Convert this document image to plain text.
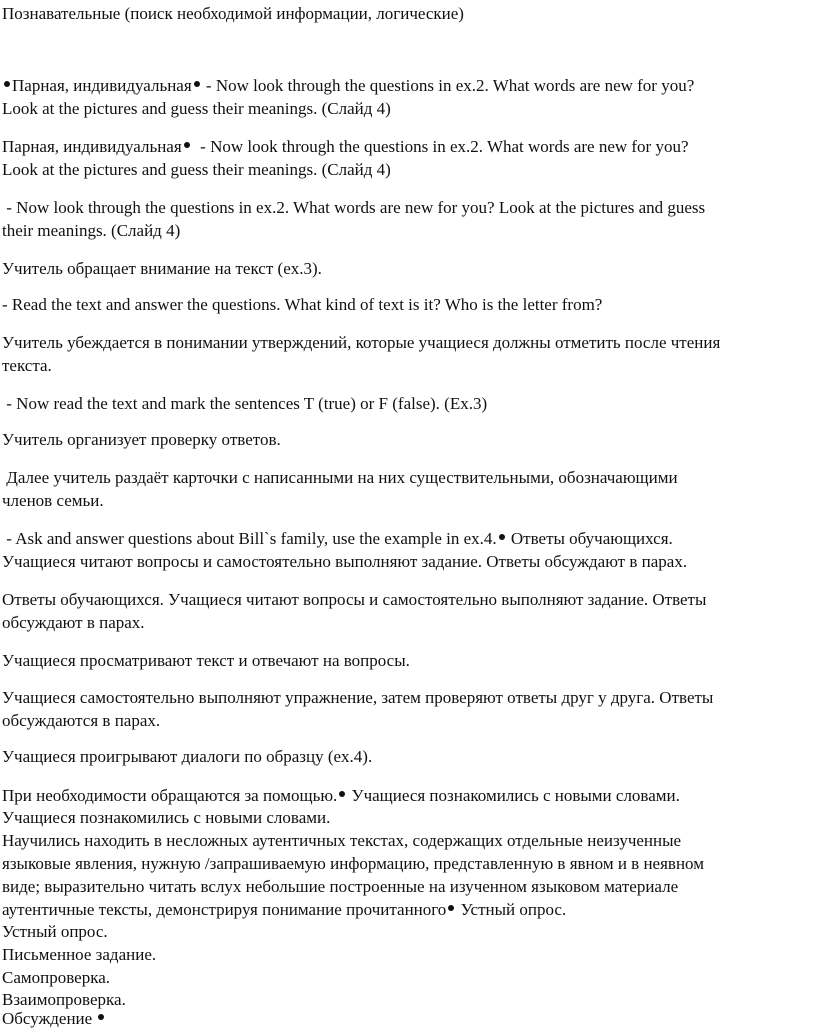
Познавательные (поиск необходимой информации, логические)
Парная, индивидуальная - Now look through the questions in ex.2. What words are new for you?
Look at the pictures and guess their meanings. (Слайд 4)
Парная, индивидуальная  - Now look through the questions in ex.2. What words are new for you?
Look at the pictures and guess their meanings. (Слайд 4)
- Now look through the questions in ex.2. What words are new for you? Look at the pictures and guess
their meanings. (Слайд 4)
Учитель обращает внимание на текст (ex.3).
- Read the text and answer the questions. What kind of text is it? Who is the letter from?
Учитель убеждается в понимании утверждений, которые учащиеся должны отметить после чтения
текста.
- Now read the text and mark the sentences T (true) or F (false). (Ex.3)
Учитель организует проверку ответов.
Далее учитель раздаёт карточки с написанными на них существительными, обозначающими
членов семьи.
- Ask and answer questions about Bill`s family, use the example in ex.4. Ответы обучающихся.
Учащиеся читают вопросы и самостоятельно выполняют задание. Ответы обсуждают в парах.
Ответы обучающихся. Учащиеся читают вопросы и самостоятельно выполняют задание. Ответы
обсуждают в парах.
Учащиеся просматривают текст и отвечают на вопросы.
Учащиеся самостоятельно выполняют упражнение, затем проверяют ответы друг у друга. Ответы
обсуждаются в парах.
Учащиеся проигрывают диалоги по образцу (ex.4).
При необходимости обращаются за помощью. Учащиеся познакомились с новыми словами.
Учащиеся познакомились с новыми словами.
Научились находить в несложных аутентичных текстах, содержащих отдельные неизученные
языковые явления, нужную /запрашиваемую информацию, представленную в явном и в неявном
виде; выразительно читать вслух небольшие построенные на изученном языковом материале
аутентичные тексты, демонстрируя понимание прочитанного Устный опрос.
Устный опрос.
Письменное задание.
Самопроверка.
Взаимопроверка.
Обсуждение
